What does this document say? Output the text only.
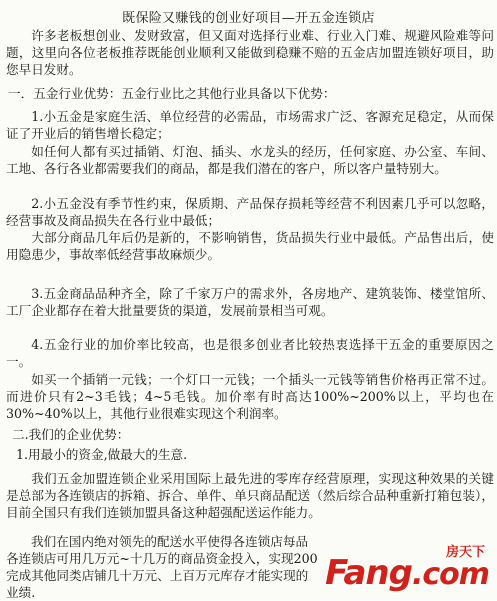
既保险又赚钱的创业好项目—开五金连锁店

许多老板想创业、发财致富，但又面对选择行业难、行业入门难、规避风险难等问题，这里向各位老板推荐既能创业顺利又能做到稳赚不赔的五金店加盟连锁好项目，助您早日发财。

一．五金行业优势：五金行业比之其他行业具备以下优势：

1.小五金是家庭生活、单位经营的必需品，市场需求广泛、客源充足稳定，从而保证了开业后的销售增长稳定；

如任何人都有买过插销、灯泡、插头、水龙头的经历，任何家庭、办公室、车间、工地、各行各业都需要我们的商品，都是我们潜在的客户，所以客户量特别大。

2.小五金没有季节性约束，保质期、产品保存损耗等经营不利因素几乎可以忽略，经营事故及商品损失在各行业中最低；

大部分商品几年后仍是新的，不影响销售，货品损失行业中最低。产品售出后，使用隐患少，事故率低经营事故麻烦少。

3.五金商品品种齐全，除了千家万户的需求外，各房地产、建筑装饰、楼堂馆所、工厂企业都存在着大批量要货的渠道，发展前景相当可观。

4.五金行业的加价率比较高，也是很多创业者比较热衷选择干五金的重要原因之一。

如买一个插销一元钱；一个灯口一元钱；一个插头一元钱等销售价格再正常不过。而进价只有2~3毛钱；4~5毛钱。加价率有时高达100%~200%以上，平均也在30%~40%以上，其他行业很难实现这个利润率。

二.我们的企业优势：
1.用最小的资金,做最大的生意.

我们五金加盟连锁企业采用国际上最先进的零库存经营原理，实现这种效果的关键是总部为各连锁店的拆箱、拆合、单件、单只商品配送（然后综合品种重新打箱包装），目前全国只有我们连锁加盟具备这种超强配送运作能力。

我们在国内绝对领先的配送水平使得各连锁店每品
各连锁店可用几万元~十几万的商品资金投入，实现200
完成其他同类店铺几十万元、上百万元库存才能实现的
业绩.
房天下
Fang.com
